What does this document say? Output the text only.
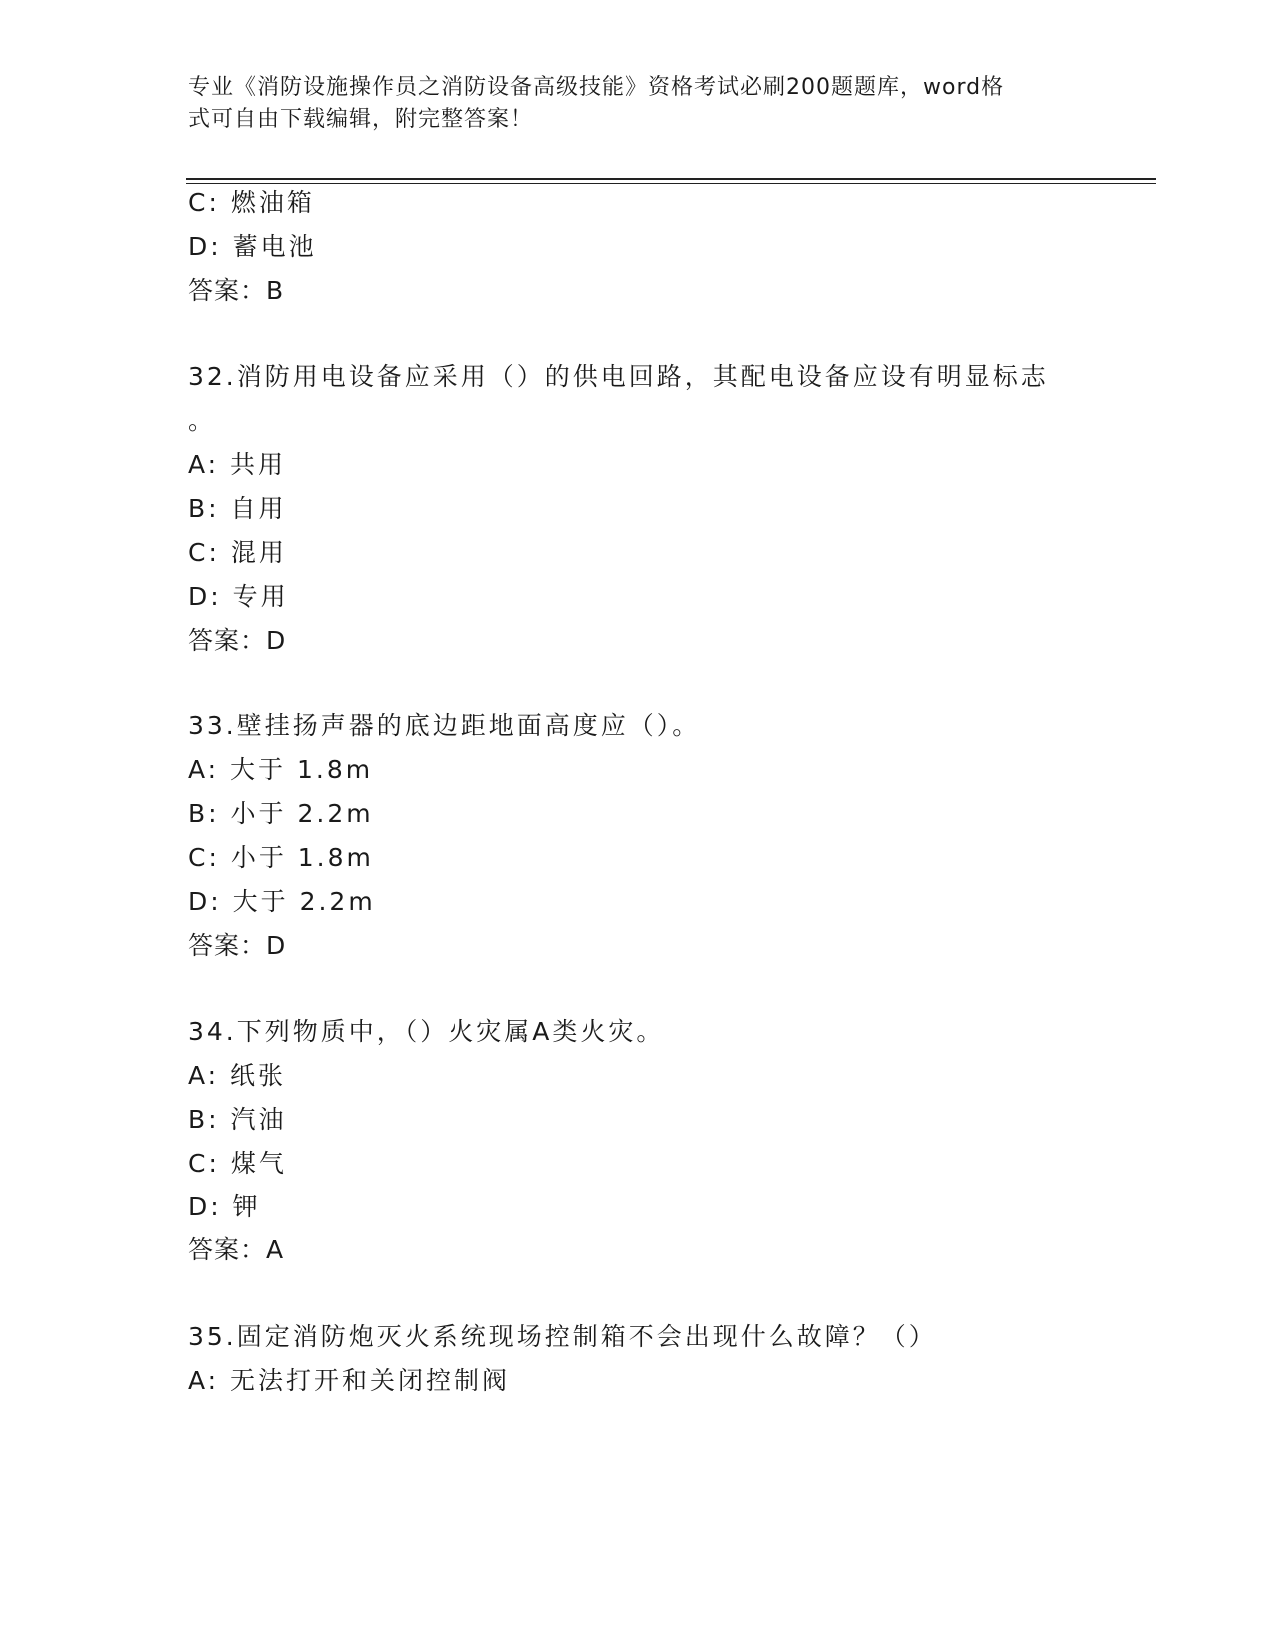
专业《消防设施操作员之消防设备高级技能》资格考试必刷200题题库，word格
式可自由下载编辑，附完整答案！
C: 燃油箱
D: 蓄电池
答案：B
32.消防用电设备应采用（）的供电回路，其配电设备应设有明显标志
。
A: 共用
B: 自用
C: 混用
D: 专用
答案：D
33.壁挂扬声器的底边距地面高度应（）。
A: 大于 1.8m
B: 小于 2.2m
C: 小于 1.8m
D: 大于 2.2m
答案：D
34.下列物质中，（）火灾属A类火灾。
A: 纸张
B: 汽油
C: 煤气
D: 钾
答案：A
35.固定消防炮灭火系统现场控制箱不会出现什么故障？（）
A: 无法打开和关闭控制阀
